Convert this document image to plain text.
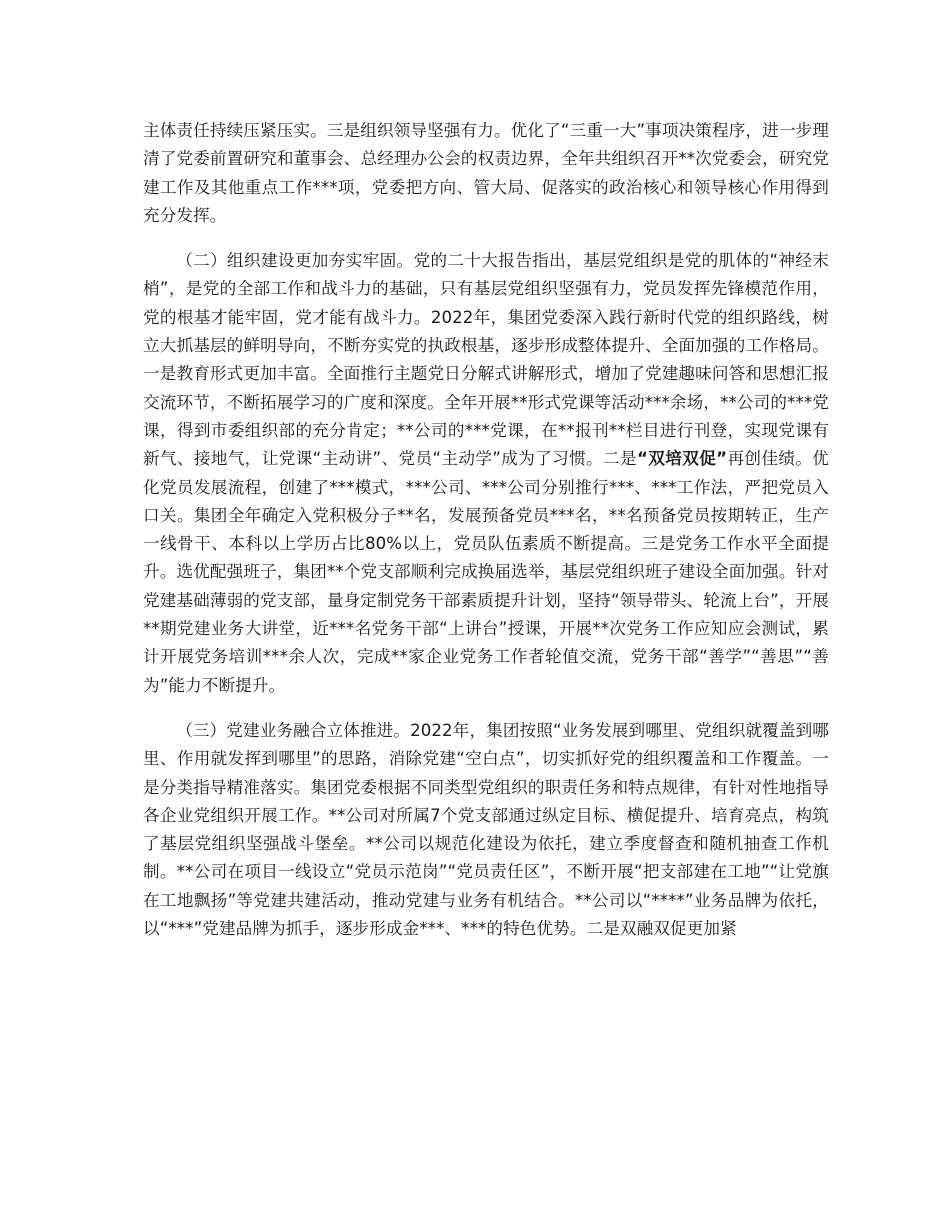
主体责任持续压紧压实。三是组织领导坚强有力。优化了“三重一大”事项决策程序，进一步理清了党委前置研究和董事会、总经理办公会的权责边界，全年共组织召开**次党委会，研究党建工作及其他重点工作***项，党委把方向、管大局、促落实的政治核心和领导核心作用得到充分发挥。

（二）组织建设更加夯实牢固。党的二十大报告指出，基层党组织是党的肌体的“神经末梢”，是党的全部工作和战斗力的基础，只有基层党组织坚强有力，党员发挥先锋模范作用，党的根基才能牢固，党才能有战斗力。2022年，集团党委深入践行新时代党的组织路线，树立大抓基层的鲜明导向，不断夯实党的执政根基，逐步形成整体提升、全面加强的工作格局。一是教育形式更加丰富。全面推行主题党日分解式讲解形式，增加了党建趣味问答和思想汇报交流环节，不断拓展学习的广度和深度。全年开展**形式党课等活动***余场，**公司的***党课，得到市委组织部的充分肯定；**公司的***党课，在**报刊**栏目进行刊登，实现党课有新气、接地气，让党课“主动讲”、党员“主动学”成为了习惯。二是“双培双促”再创佳绩。优化党员发展流程，创建了***模式，***公司、***公司分别推行***、***工作法，严把党员入口关。集团全年确定入党积极分子**名，发展预备党员***名，**名预备党员按期转正，生产一线骨干、本科以上学历占比80%以上，党员队伍素质不断提高。三是党务工作水平全面提升。选优配强班子，集团**个党支部顺利完成换届选举，基层党组织班子建设全面加强。针对党建基础薄弱的党支部，量身定制党务干部素质提升计划，坚持“领导带头、轮流上台”，开展**期党建业务大讲堂，近***名党务干部“上讲台”授课，开展**次党务工作应知应会测试，累计开展党务培训***余人次，完成**家企业党务工作者轮值交流，党务干部“善学”“善思”“善为”能力不断提升。

（三）党建业务融合立体推进。2022年，集团按照“业务发展到哪里、党组织就覆盖到哪里、作用就发挥到哪里”的思路，消除党建“空白点”，切实抓好党的组织覆盖和工作覆盖。一是分类指导精准落实。集团党委根据不同类型党组织的职责任务和特点规律，有针对性地指导各企业党组织开展工作。**公司对所属7个党支部通过纵定目标、横促提升、培育亮点，构筑了基层党组织坚强战斗堡垒。**公司以规范化建设为依托，建立季度督查和随机抽查工作机制。**公司在项目一线设立“党员示范岗”“党员责任区”，不断开展“把支部建在工地”“让党旗在工地飘扬”等党建共建活动，推动党建与业务有机结合。**公司以“****”业务品牌为依托，以“***”党建品牌为抓手，逐步形成金***、***的特色优势。二是双融双促更加紧
